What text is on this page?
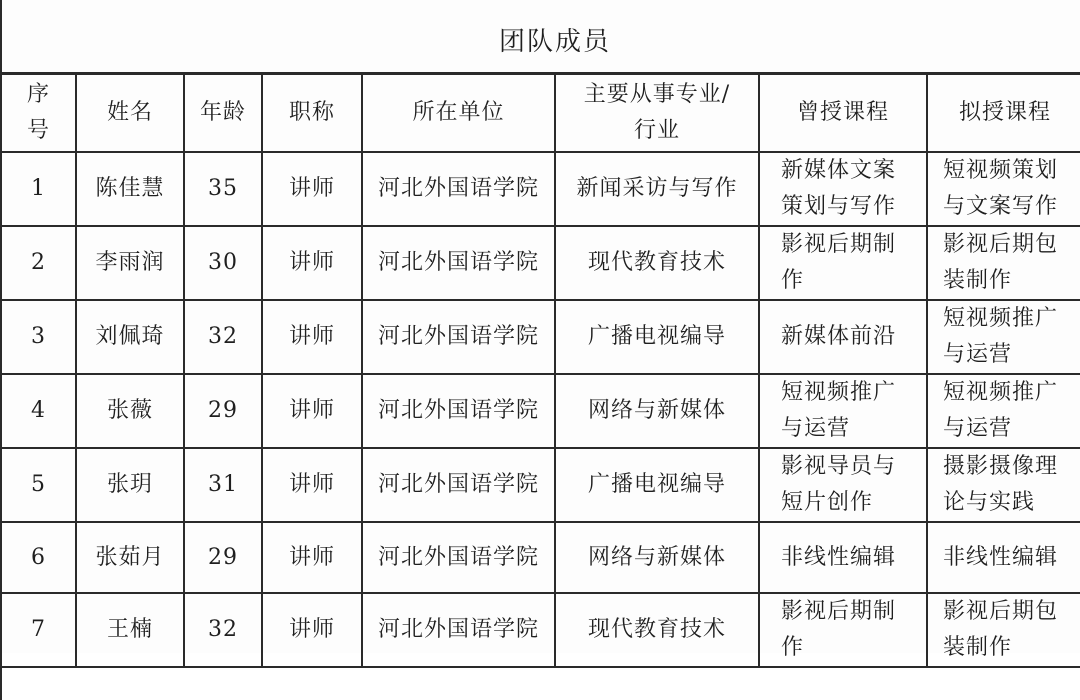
团队成员
序号	姓名	年龄	职称	所在单位	主要从事专业/行业	曾授课程	拟授课程

1	陈佳慧	35	讲师	河北外国语学院	新闻采访与写作	新媒体文案策划与写作	短视频策划与文案写作

2	李雨润	30	讲师	河北外国语学院	现代教育技术	影视后期制作	影视后期包装制作

3	刘佩琦	32	讲师	河北外国语学院	广播电视编导	新媒体前沿	短视频推广与运营

4	张薇	29	讲师	河北外国语学院	网络与新媒体	短视频推广与运营	短视频推广与运营

5	张玥	31	讲师	河北外国语学院	广播电视编导	影视导员与短片创作	摄影摄像理论与实践

6	张茹月	29	讲师	河北外国语学院	网络与新媒体	非线性编辑	非线性编辑

7	王楠	32	讲师	河北外国语学院	现代教育技术	影视后期制作	影视后期包装制作
